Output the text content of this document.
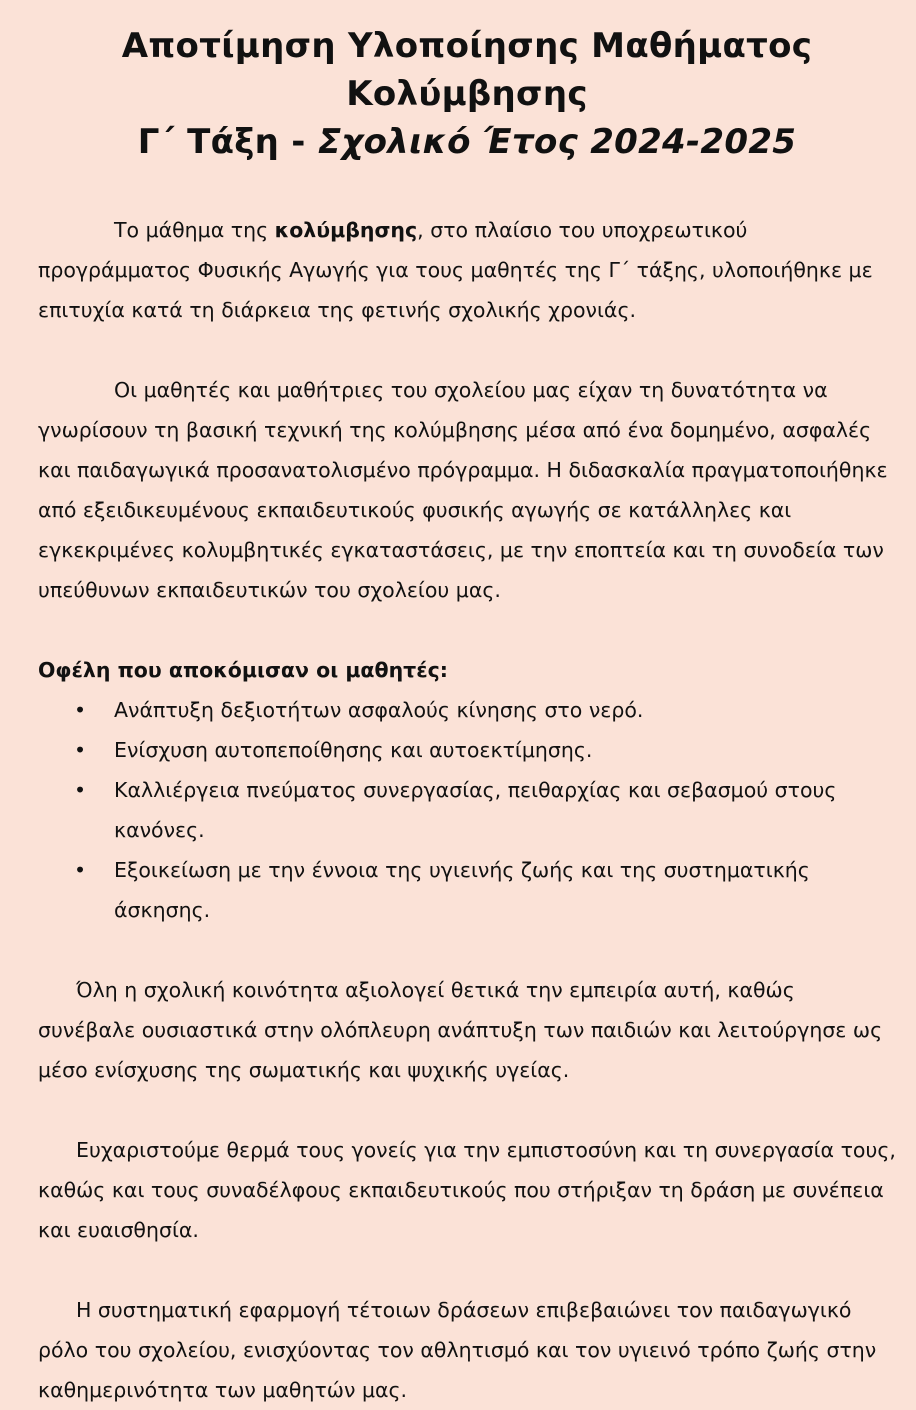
Αποτίμηση Υλοποίησης Μαθήματος Κολύμβησης
Γ΄ Τάξη - Σχολικό Έτος 2024-2025

Το μάθημα της κολύμβησης, στο πλαίσιο του υποχρεωτικού προγράμματος Φυσικής Αγωγής για τους μαθητές της Γ΄ τάξης, υλοποιήθηκε με επιτυχία κατά τη διάρκεια της φετινής σχολικής χρονιάς.

Οι μαθητές και μαθήτριες του σχολείου μας είχαν τη δυνατότητα να γνωρίσουν τη βασική τεχνική της κολύμβησης μέσα από ένα δομημένο, ασφαλές και παιδαγωγικά προσανατολισμένο πρόγραμμα. Η διδασκαλία πραγματοποιήθηκε από εξειδικευμένους εκπαιδευτικούς φυσικής αγωγής σε κατάλληλες και εγκεκριμένες κολυμβητικές εγκαταστάσεις, με την εποπτεία και τη συνοδεία των υπεύθυνων εκπαιδευτικών του σχολείου μας.

Οφέλη που αποκόμισαν οι μαθητές:

• Ανάπτυξη δεξιοτήτων ασφαλούς κίνησης στο νερό.
• Ενίσχυση αυτοπεποίθησης και αυτοεκτίμησης.
• Καλλιέργεια πνεύματος συνεργασίας, πειθαρχίας και σεβασμού στους κανόνες.
• Εξοικείωση με την έννοια της υγιεινής ζωής και της συστηματικής άσκησης.

Όλη η σχολική κοινότητα αξιολογεί θετικά την εμπειρία αυτή, καθώς συνέβαλε ουσιαστικά στην ολόπλευρη ανάπτυξη των παιδιών και λειτούργησε ως μέσο ενίσχυσης της σωματικής και ψυχικής υγείας.

Ευχαριστούμε θερμά τους γονείς για την εμπιστοσύνη και τη συνεργασία τους, καθώς και τους συναδέλφους εκπαιδευτικούς που στήριξαν τη δράση με συνέπεια και ευαισθησία.

Η συστηματική εφαρμογή τέτοιων δράσεων επιβεβαιώνει τον παιδαγωγικό ρόλο του σχολείου, ενισχύοντας τον αθλητισμό και τον υγιεινό τρόπο ζωής στην καθημερινότητα των μαθητών μας.
